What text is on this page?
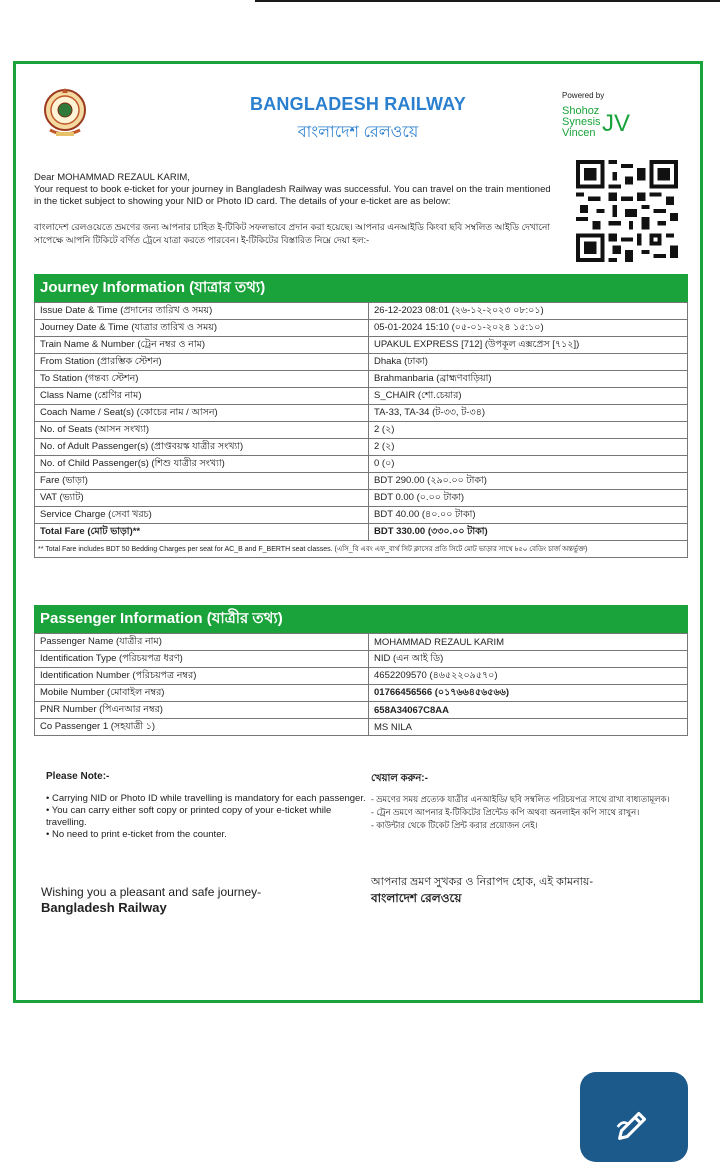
BANGLADESH RAILWAY
বাংলাদেশ রেলওয়ে
Powered by
Shohoz
Synesis
Vincen JV
Dear MOHAMMAD REZAUL KARIM,
Your request to book e-ticket for your journey in Bangladesh Railway was successful. You can travel on the train mentioned in the ticket subject to showing your NID or Photo ID card. The details of your e-ticket are as below:
বাংলাদেশ রেলওয়েতে ভ্রমণের জন্য আপনার চাহিত ই-টিকিট সফলভাবে প্রদান করা হয়েছে। আপনার এনআইডি কিংবা ছবি সম্বলিত আইডি দেখানো সাপেক্ষে আপনি টিকিটে বর্ণিত ট্রেনে যাত্রা করতে পারবেন। ই-টিকিটের বিস্তারিত নিম্নে দেয়া হল:-
Journey Information (যাত্রার তথ্য)
Issue Date & Time (প্রদানের তারিখ ও সময়)	26-12-2023 08:01 (২৬-১২-২০২৩ ০৮:০১)
Journey Date & Time (যাত্রার তারিখ ও সময়)	05-01-2024 15:10 (০৫-০১-২০২৪ ১৫:১০)
Train Name & Number (ট্রেন নম্বর ও নাম)	UPAKUL EXPRESS [712] (উপকূল এক্সপ্রেস [৭১২])
From Station (প্রারম্ভিক স্টেশন)	Dhaka (ঢাকা)
To Station (গন্তব্য স্টেশন)	Brahmanbaria (ব্রাহ্মণবাড়িয়া)
Class Name (শ্রেণির নাম)	S_CHAIR (শো.চেয়ার)
Coach Name / Seat(s) (কোচের নাম / আসন)	TA-33, TA-34 (ট-৩৩, ট-৩৪)
No. of Seats (আসন সংখ্যা)	2 (২)
No. of Adult Passenger(s) (প্রাপ্তবয়স্ক যাত্রীর সংখ্যা)	2 (২)
No. of Child Passenger(s) (শিশু যাত্রীর সংখ্যা)	0 (০)
Fare (ভাড়া)	BDT 290.00 (২৯০.০০ টাকা)
VAT (ভ্যাট)	BDT 0.00 (০.০০ টাকা)
Service Charge (সেবা খরচ)	BDT 40.00 (৪০.০০ টাকা)
Total Fare (মোট ভাড়া)**	BDT 330.00 (৩৩০.০০ টাকা)
** Total Fare includes BDT 50 Bedding Charges per seat for AC_B and F_BERTH seat classes. (এসি_বি এবং এফ_বার্থ সিট ক্লাসের প্রতি সিটে মোট ভাড়ার সাথে ৳৫০ বেডিং চার্জ অন্তর্ভুক্ত)
Passenger Information (যাত্রীর তথ্য)
Passenger Name (যাত্রীর নাম)	MOHAMMAD REZAUL KARIM
Identification Type (পরিচয়পত্র ধরণ)	NID (এন আই ডি)
Identification Number (পরিচয়পত্র নম্বর)	4652209570 (৪৬৫২২০৯৫৭০)
Mobile Number (মোবাইল নম্বর)	01766456566 (০১৭৬৬৪৫৬৫৬৬)
PNR Number (পিএনআর নম্বর)	658A34067C8AA
Co Passenger 1 (সহযাত্রী ১)	MS NILA
Please Note:-	খেয়াল করুন:-
• Carrying NID or Photo ID while travelling is mandatory for each passenger.
• You can carry either soft copy or printed copy of your e-ticket while travelling.
• No need to print e-ticket from the counter.
- ভ্রমণের সময় প্রত্যেক যাত্রীর এনআইডি/ ছবি সম্বলিত পরিচয়পত্র সাথে রাখা বাধ্যতামূলক।
- ট্রেন ভ্রমণে আপনার ই-টিকিটের প্রিন্টেড কপি অথবা অনলাইন কপি সাথে রাখুন।
- কাউন্টার থেকে টিকেট প্রিন্ট করার প্রয়োজন নেই।
Wishing you a pleasant and safe journey-
Bangladesh Railway
আপনার ভ্রমণ সুখকর ও নিরাপদ হোক, এই কামনায়-
বাংলাদেশ রেলওয়ে
